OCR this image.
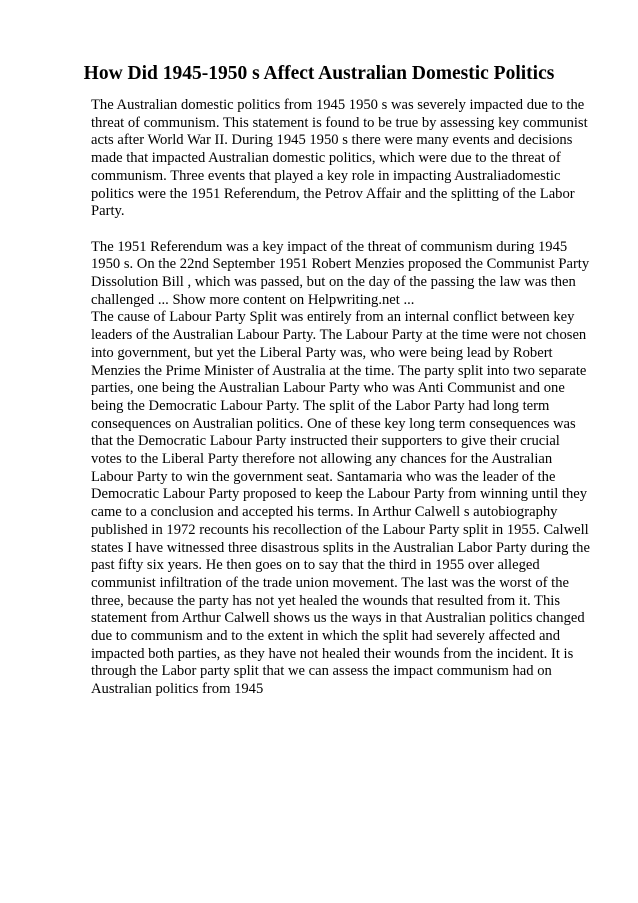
How Did 1945-1950 s Affect Australian Domestic Politics

The Australian domestic politics from 1945 1950 s was severely impacted due to the threat of communism. This statement is found to be true by assessing key communist acts after World War II. During 1945 1950 s there were many events and decisions made that impacted Australian domestic politics, which were due to the threat of communism. Three events that played a key role in impacting Australiadomestic politics were the 1951 Referendum, the Petrov Affair and the splitting of the Labor Party.

The 1951 Referendum was a key impact of the threat of communism during 1945 1950 s. On the 22nd September 1951 Robert Menzies proposed the Communist Party Dissolution Bill , which was passed, but on the day of the passing the law was then challenged ... Show more content on Helpwriting.net ...

The cause of Labour Party Split was entirely from an internal conflict between key leaders of the Australian Labour Party. The Labour Party at the time were not chosen into government, but yet the Liberal Party was, who were being lead by Robert Menzies the Prime Minister of Australia at the time. The party split into two separate parties, one being the Australian Labour Party who was Anti Communist and one being the Democratic Labour Party. The split of the Labor Party had long term consequences on Australian politics. One of these key long term consequences was that the Democratic Labour Party instructed their supporters to give their crucial votes to the Liberal Party therefore not allowing any chances for the Australian Labour Party to win the government seat. Santamaria who was the leader of the Democratic Labour Party proposed to keep the Labour Party from winning until they came to a conclusion and accepted his terms. In Arthur Calwell s autobiography published in 1972 recounts his recollection of the Labour Party split in 1955. Calwell states I have witnessed three disastrous splits in the Australian Labor Party during the past fifty six years. He then goes on to say that the third in 1955 over alleged communist infiltration of the trade union movement. The last was the worst of the three, because the party has not yet healed the wounds that resulted from it. This statement from Arthur Calwell shows us the ways in that Australian politics changed due to communism and to the extent in which the split had severely affected and impacted both parties, as they have not healed their wounds from the incident. It is through the Labor party split that we can assess the impact communism had on Australian politics from 1945
